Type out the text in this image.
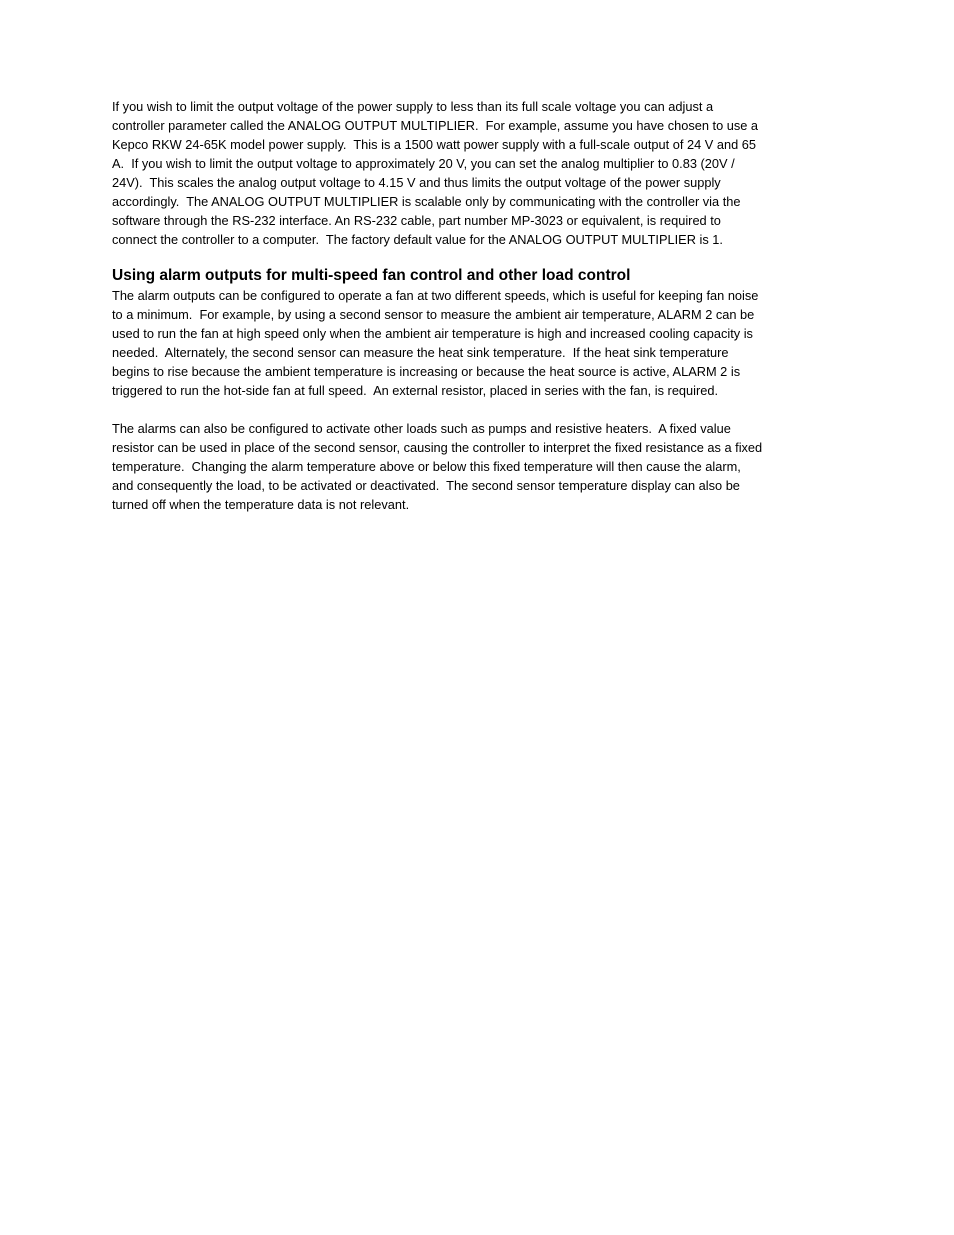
If you wish to limit the output voltage of the power supply to less than its full scale voltage you can adjust a
controller parameter called the ANALOG OUTPUT MULTIPLIER.  For example, assume you have chosen to use a
Kepco RKW 24-65K model power supply.  This is a 1500 watt power supply with a full-scale output of 24 V and 65
A.  If you wish to limit the output voltage to approximately 20 V, you can set the analog multiplier to 0.83 (20V /
24V).  This scales the analog output voltage to 4.15 V and thus limits the output voltage of the power supply
accordingly.  The ANALOG OUTPUT MULTIPLIER is scalable only by communicating with the controller via the
software through the RS-232 interface. An RS-232 cable, part number MP-3023 or equivalent, is required to
connect the controller to a computer.  The factory default value for the ANALOG OUTPUT MULTIPLIER is 1.

Using alarm outputs for multi-speed fan control and other load control

The alarm outputs can be configured to operate a fan at two different speeds, which is useful for keeping fan noise
to a minimum.  For example, by using a second sensor to measure the ambient air temperature, ALARM 2 can be
used to run the fan at high speed only when the ambient air temperature is high and increased cooling capacity is
needed.  Alternately, the second sensor can measure the heat sink temperature.  If the heat sink temperature
begins to rise because the ambient temperature is increasing or because the heat source is active, ALARM 2 is
triggered to run the hot-side fan at full speed.  An external resistor, placed in series with the fan, is required.

The alarms can also be configured to activate other loads such as pumps and resistive heaters.  A fixed value
resistor can be used in place of the second sensor, causing the controller to interpret the fixed resistance as a fixed
temperature.  Changing the alarm temperature above or below this fixed temperature will then cause the alarm,
and consequently the load, to be activated or deactivated.  The second sensor temperature display can also be
turned off when the temperature data is not relevant.
